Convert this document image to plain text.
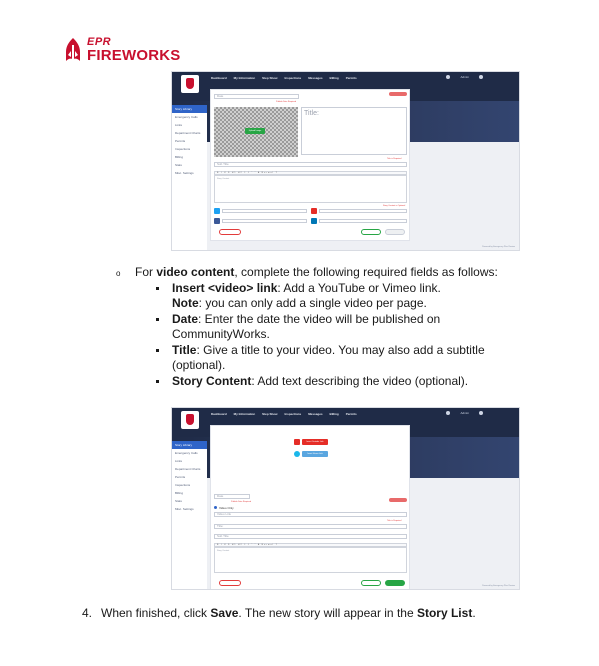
EPR
FIREWORKS
Dashboard My Information Step Show Inspections Messages Billing Permits	Admin
Story Library
Emergency Calls
Links
Department Charts
Permits
Inspections
Billing
Stats
Misc. Settings
Date
Publish Date Required
Upload Image
Title:
Title is Required
Sub Title
B I U S H1 H2 ≡ ≡ “ ” A Normal T
Story Content
Story Content is Optional
Powered by Emergency Plan Review
o For video content, complete the following required fields as follows:
Insert <video> link: Add a YouTube or Vimeo link.
Note: you can only add a single video per page.
Date: Enter the date the video will be published on
CommunityWorks.
Title: Give a title to your video. You may also add a subtitle
(optional).
Story Content: Add text describing the video (optional).
Dashboard My Information Step Show Inspections Messages Billing Permits	Admin
Story Library
Emergency Calls
Links
Department Charts
Permits
Inspections
Billing
Stats
Misc. Settings
Insert Youtube Link
Insert Vimeo Link
Date
Publish Date Required
Video Only
Video Link
Title is Required
Title:
Sub Title
B I U S H1 H2 ≡ ≡ “ ” A Normal T
Story Content
Powered by Emergency Plan Review
4. When finished, click Save. The new story will appear in the Story List.
